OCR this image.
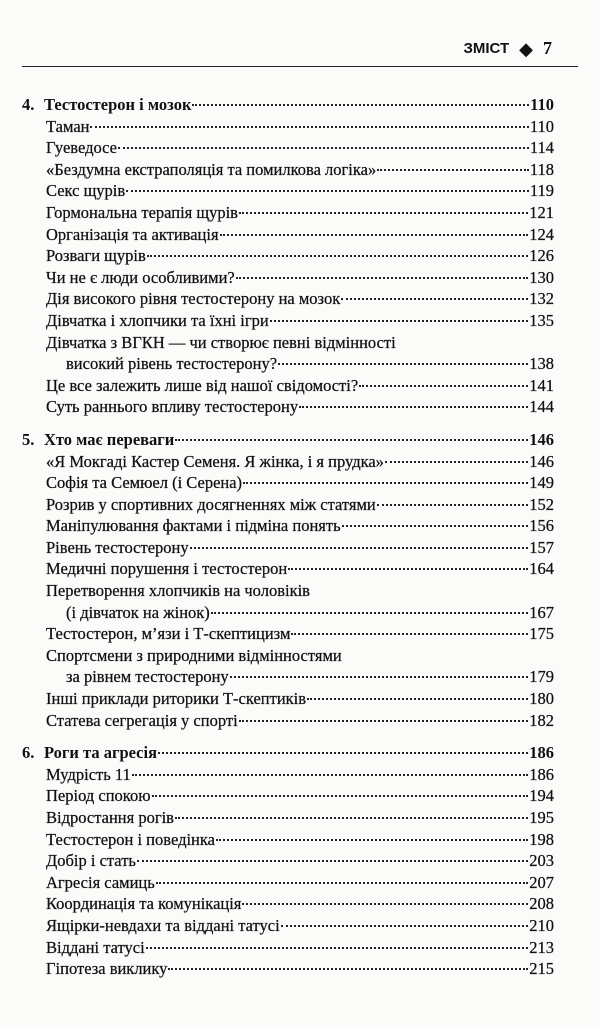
ЗМІСТ ◆ 7
4. Тестостерон і мозок	110
Таман	110
Гуеведосе	114
«Бездумна екстраполяція та помилкова логіка»	118
Секс щурів	119
Гормональна терапія щурів	121
Організація та активація	124
Розваги щурів	126
Чи не є люди особливими?	130
Дія високого рівня тестостерону на мозок	132
Дівчатка і хлопчики та їхні ігри	135
Дівчатка з ВГКН — чи створює певні відмінності
високий рівень тестостерону?	138
Це все залежить лише від нашої свідомості?	141
Суть раннього впливу тестостерону	144
5. Хто має переваги	146
«Я Мокгаді Кастер Семеня. Я жінка, і я прудка»	146
Софія та Семюел (і Серена)	149
Розрив у спортивних досягненнях між статями	152
Маніпулювання фактами і підміна понять	156
Рівень тестостерону	157
Медичні порушення і тестостерон	164
Перетворення хлопчиків на чоловіків
(і дівчаток на жінок)	167
Тестостерон, м’язи і Т-скептицизм	175
Спортсмени з природними відмінностями
за рівнем тестостерону	179
Інші приклади риторики Т-скептиків	180
Статева сегрегація у спорті	182
6. Роги та агресія	186
Мудрість 11	186
Період спокою	194
Відростання рогів	195
Тестостерон і поведінка	198
Добір і стать	203
Агресія самиць	207
Координація та комунікація	208
Ящірки-невдахи та віддані татусі	210
Віддані татусі	213
Гіпотеза виклику	215
